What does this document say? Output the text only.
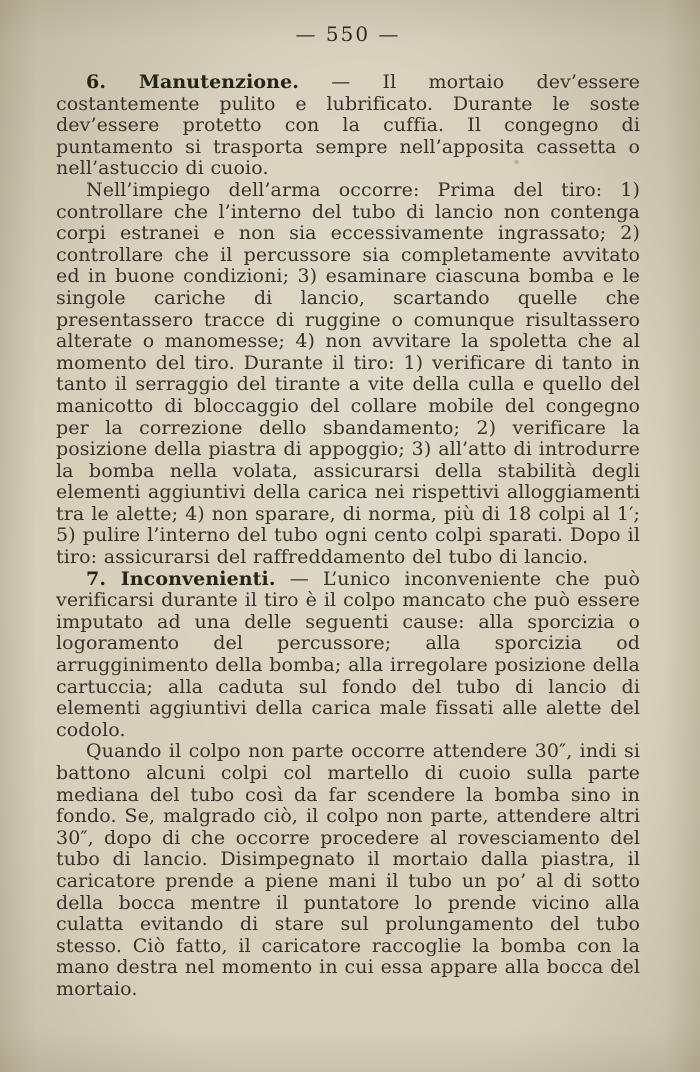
— 550 —

6. Manutenzione. — Il mortaio dev’essere costantemente pulito e lubrificato. Durante le soste dev’essere protetto con la cuffia. Il congegno di puntamento si trasporta sempre nell’apposita cassetta o nell’astuccio di cuoio.

Nell’impiego dell’arma occorre: Prima del tiro: 1) controllare che l’interno del tubo di lancio non contenga corpi estranei e non sia eccessivamente ingrassato; 2) controllare che il percussore sia completamente avvitato ed in buone condizioni; 3) esaminare ciascuna bomba e le singole cariche di lancio, scartando quelle che presentassero tracce di ruggine o comunque risultassero alterate o manomesse; 4) non avvitare la spoletta che al momento del tiro. Durante il tiro: 1) verificare di tanto in tanto il serraggio del tirante a vite della culla e quello del manicotto di bloccaggio del collare mobile del congegno per la correzione dello sbandamento; 2) verificare la posizione della piastra di appoggio; 3) all’atto di introdurre la bomba nella volata, assicurarsi della stabilità degli elementi aggiuntivi della carica nei rispettivi alloggiamenti tra le alette; 4) non sparare, di norma, più di 18 colpi al 1′; 5) pulire l’interno del tubo ogni cento colpi sparati. Dopo il tiro: assicurarsi del raffreddamento del tubo di lancio.

7. Inconvenienti. — L’unico inconveniente che può verificarsi durante il tiro è il colpo mancato che può essere imputato ad una delle seguenti cause: alla sporcizia o logoramento del percussore; alla sporcizia od arrugginimento della bomba; alla irregolare posizione della cartuccia; alla caduta sul fondo del tubo di lancio di elementi aggiuntivi della carica male fissati alle alette del codolo.

Quando il colpo non parte occorre attendere 30″, indi si battono alcuni colpi col martello di cuoio sulla parte mediana del tubo così da far scendere la bomba sino in fondo. Se, malgrado ciò, il colpo non parte, attendere altri 30″, dopo di che occorre procedere al rovesciamento del tubo di lancio. Disimpegnato il mortaio dalla piastra, il caricatore prende a piene mani il tubo un po’ al di sotto della bocca mentre il puntatore lo prende vicino alla culatta evitando di stare sul prolungamento del tubo stesso. Ciò fatto, il caricatore raccoglie la bomba con la mano destra nel momento in cui essa appare alla bocca del mortaio.
